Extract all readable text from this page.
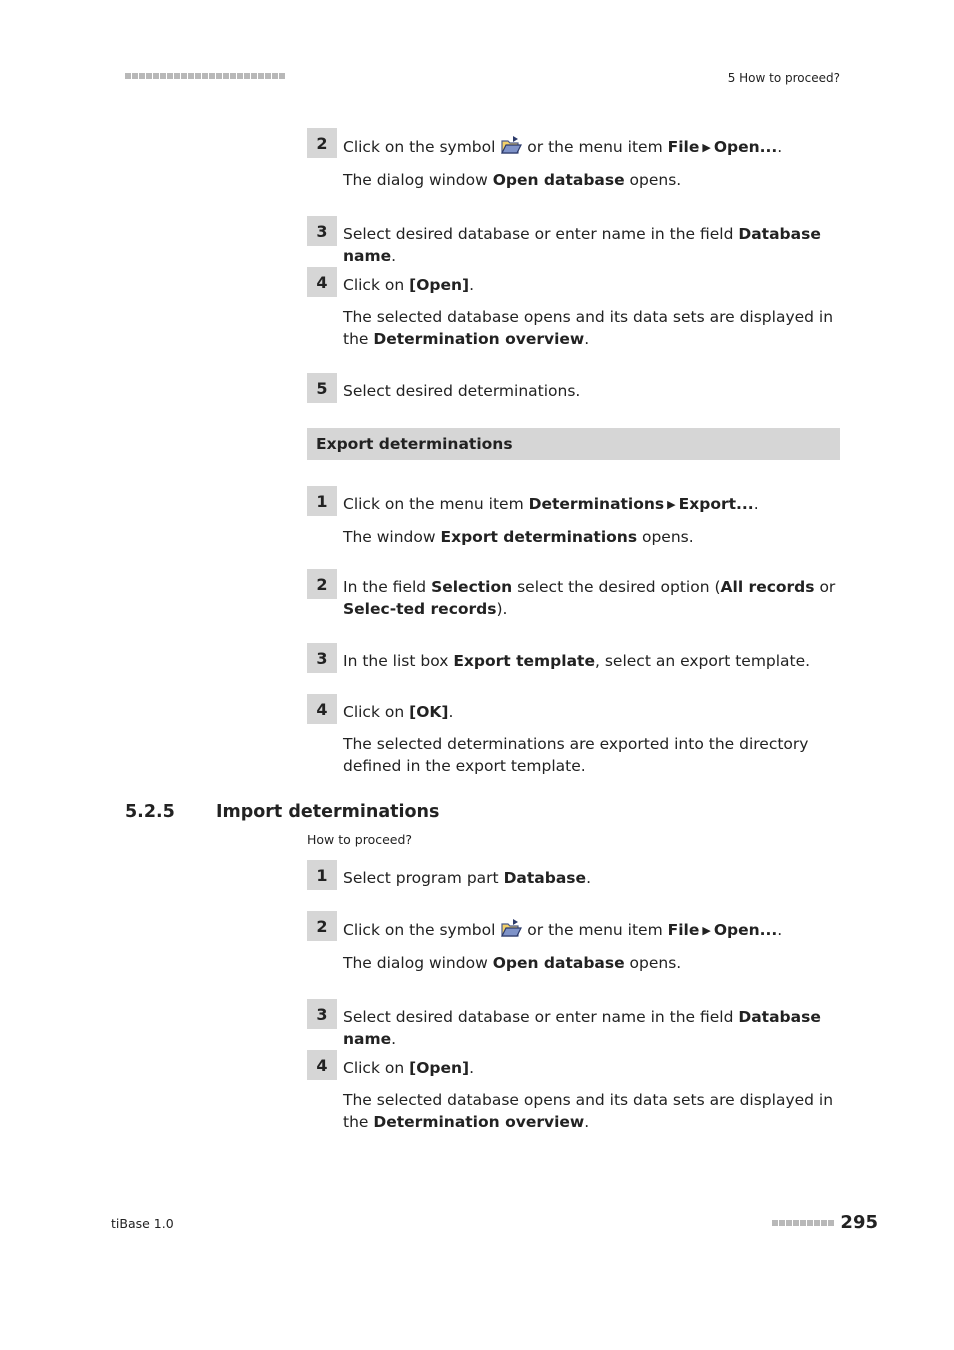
5 How to proceed?
2 Click on the symbol  or the menu item File ▶ Open....
The dialog window Open database opens.
3 Select desired database or enter name in the field Database name.
4 Click on [Open].
The selected database opens and its data sets are displayed in the Determination overview.
5 Select desired determinations.
Export determinations
1 Click on the menu item Determinations ▶ Export....
The window Export determinations opens.
2 In the field Selection select the desired option (All records or Selec-ted records).
3 In the list box Export template, select an export template.
4 Click on [OK].
The selected determinations are exported into the directory defined in the export template.
5.2.5 Import determinations
How to proceed?
1 Select program part Database.
2 Click on the symbol  or the menu item File ▶ Open....
The dialog window Open database opens.
3 Select desired database or enter name in the field Database name.
4 Click on [Open].
The selected database opens and its data sets are displayed in the Determination overview.
tiBase 1.0	295
